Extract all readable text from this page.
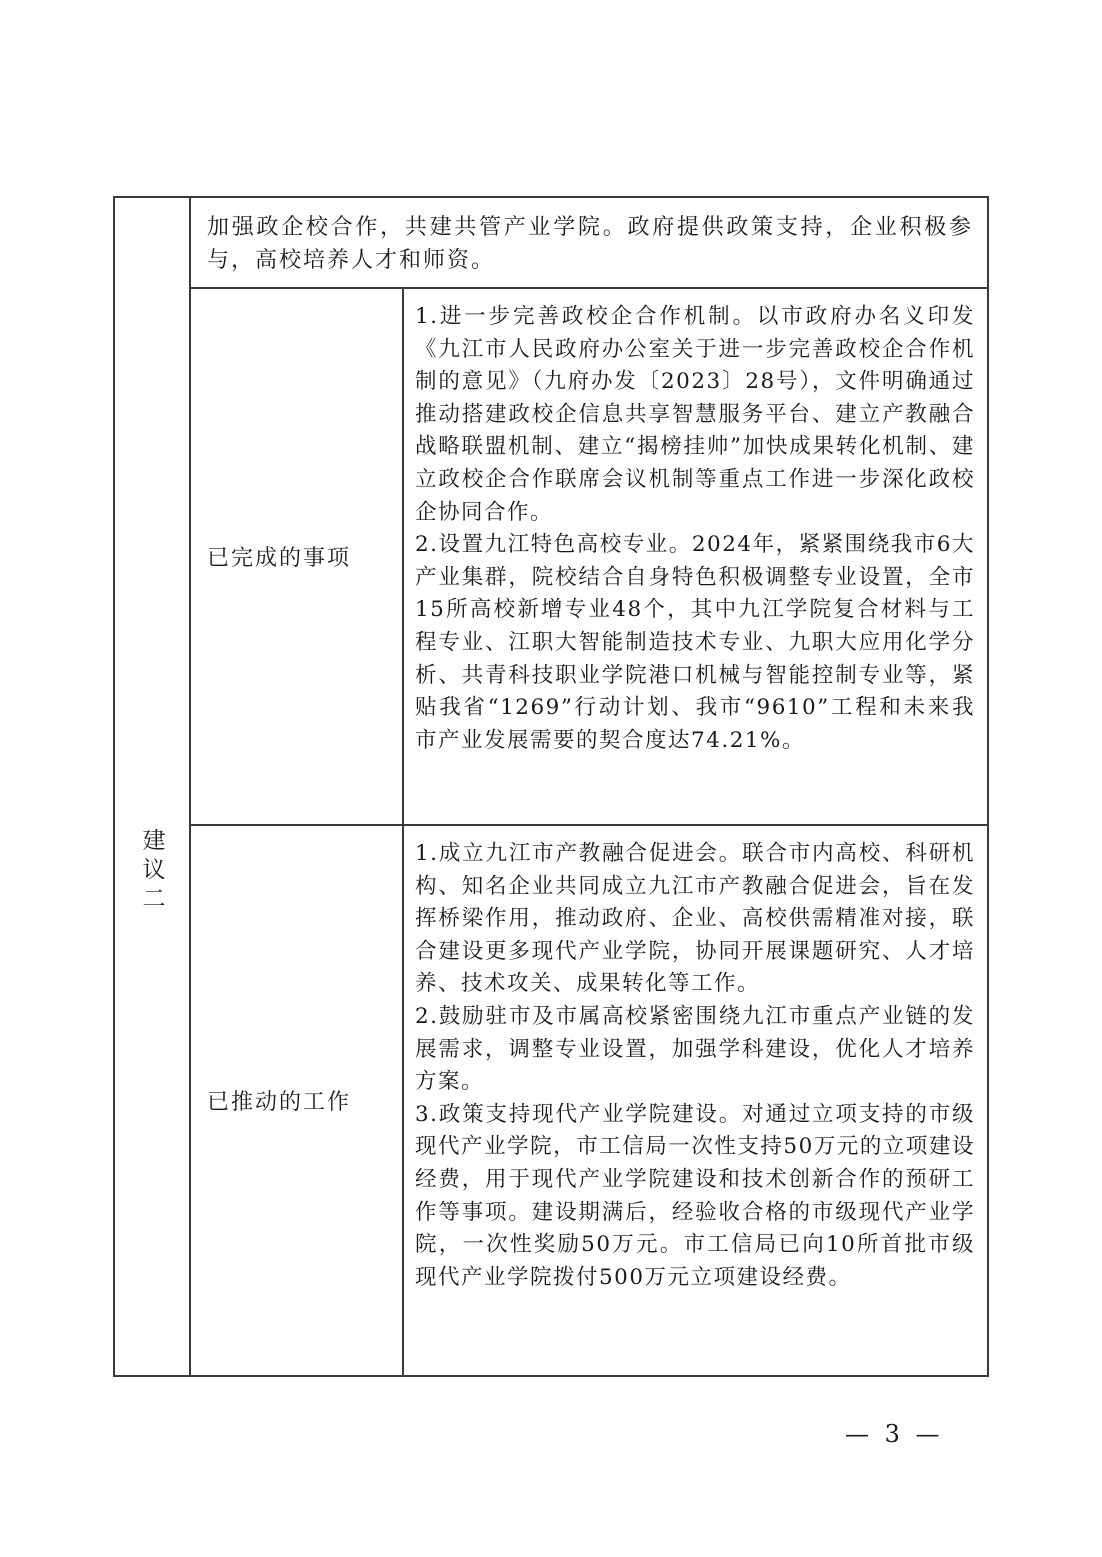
建议二
加强政企校合作，共建共管产业学院。政府提供政策支持，企业积极参与，高校培养人才和师资。
已完成的事项

1.进一步完善政校企合作机制。以市政府办名义印发《九江市人民政府办公室关于进一步完善政校企合作机制的意见》（九府办发〔2023〕28号），文件明确通过推动搭建政校企信息共享智慧服务平台、建立产教融合战略联盟机制、建立“揭榜挂帅”加快成果转化机制、建立政校企合作联席会议机制等重点工作进一步深化政校企协同合作。

2.设置九江特色高校专业。2024年，紧紧围绕我市6大产业集群，院校结合自身特色积极调整专业设置，全市15所高校新增专业48个，其中九江学院复合材料与工程专业、江职大智能制造技术专业、九职大应用化学分析、共青科技职业学院港口机械与智能控制专业等，紧贴我省“1269”行动计划、我市“9610”工程和未来我市产业发展需要的契合度达74.21%。

已推动的工作

1.成立九江市产教融合促进会。联合市内高校、科研机构、知名企业共同成立九江市产教融合促进会，旨在发挥桥梁作用，推动政府、企业、高校供需精准对接，联合建设更多现代产业学院，协同开展课题研究、人才培养、技术攻关、成果转化等工作。

2.鼓励驻市及市属高校紧密围绕九江市重点产业链的发展需求，调整专业设置，加强学科建设，优化人才培养方案。

3.政策支持现代产业学院建设。对通过立项支持的市级现代产业学院，市工信局一次性支持50万元的立项建设经费，用于现代产业学院建设和技术创新合作的预研工作等事项。建设期满后，经验收合格的市级现代产业学院，一次性奖励50万元。市工信局已向10所首批市级现代产业学院拨付500万元立项建设经费。

— 3 —
